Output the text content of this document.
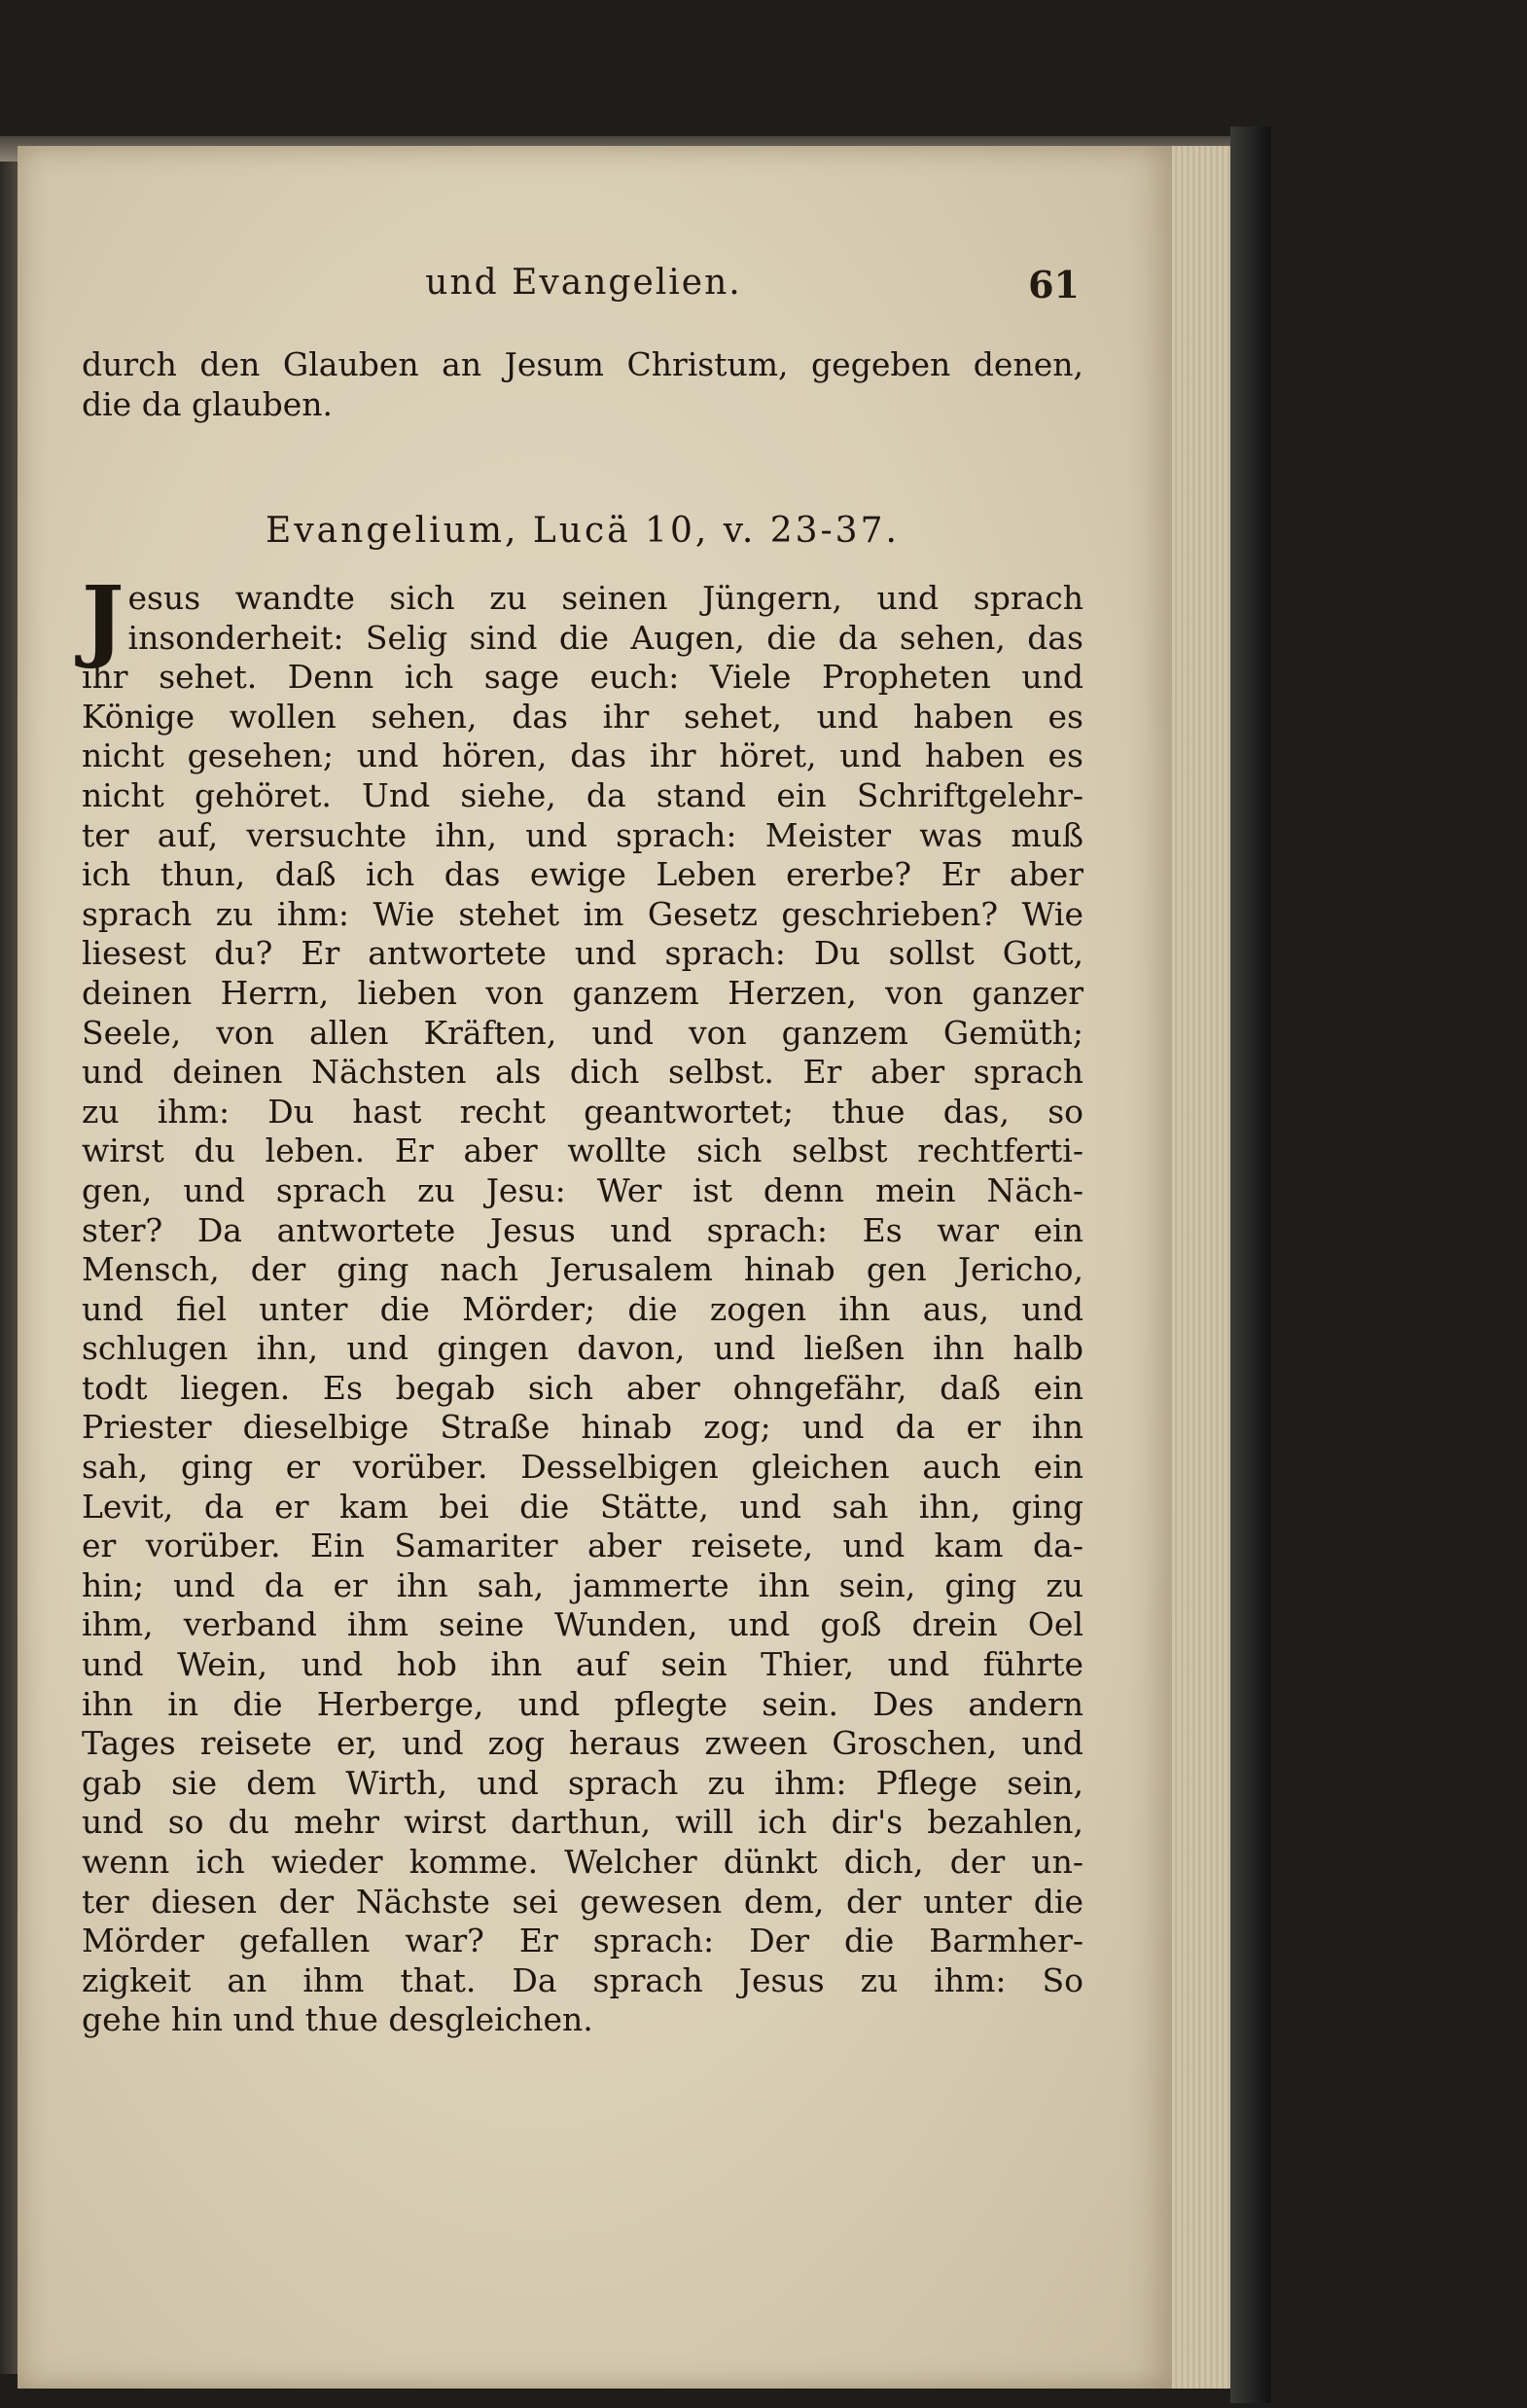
und Evangelien.	61
durch den Glauben an Jesum Christum, gegeben denen,
die da glauben.
Evangelium, Lucä 10, v. 23-37.
J esus wandte sich zu seinen Jüngern, und sprach
insonderheit: Selig sind die Augen, die da sehen, das
ihr sehet. Denn ich sage euch: Viele Propheten und
Könige wollen sehen, das ihr sehet, und haben es
nicht gesehen; und hören, das ihr höret, und haben es
nicht gehöret. Und siehe, da stand ein Schriftgelehr-
ter auf, versuchte ihn, und sprach: Meister was muß
ich thun, daß ich das ewige Leben ererbe? Er aber
sprach zu ihm: Wie stehet im Gesetz geschrieben? Wie
liesest du? Er antwortete und sprach: Du sollst Gott,
deinen Herrn, lieben von ganzem Herzen, von ganzer
Seele, von allen Kräften, und von ganzem Gemüth;
und deinen Nächsten als dich selbst. Er aber sprach
zu ihm: Du hast recht geantwortet; thue das, so
wirst du leben. Er aber wollte sich selbst rechtferti-
gen, und sprach zu Jesu: Wer ist denn mein Näch-
ster? Da antwortete Jesus und sprach: Es war ein
Mensch, der ging nach Jerusalem hinab gen Jericho,
und fiel unter die Mörder; die zogen ihn aus, und
schlugen ihn, und gingen davon, und ließen ihn halb
todt liegen. Es begab sich aber ohngefähr, daß ein
Priester dieselbige Straße hinab zog; und da er ihn
sah, ging er vorüber. Desselbigen gleichen auch ein
Levit, da er kam bei die Stätte, und sah ihn, ging
er vorüber. Ein Samariter aber reisete, und kam da-
hin; und da er ihn sah, jammerte ihn sein, ging zu
ihm, verband ihm seine Wunden, und goß drein Oel
und Wein, und hob ihn auf sein Thier, und führte
ihn in die Herberge, und pflegte sein. Des andern
Tages reisete er, und zog heraus zween Groschen, und
gab sie dem Wirth, und sprach zu ihm: Pflege sein,
und so du mehr wirst darthun, will ich dir's bezahlen,
wenn ich wieder komme. Welcher dünkt dich, der un-
ter diesen der Nächste sei gewesen dem, der unter die
Mörder gefallen war? Er sprach: Der die Barmher-
zigkeit an ihm that. Da sprach Jesus zu ihm: So
gehe hin und thue desgleichen.
